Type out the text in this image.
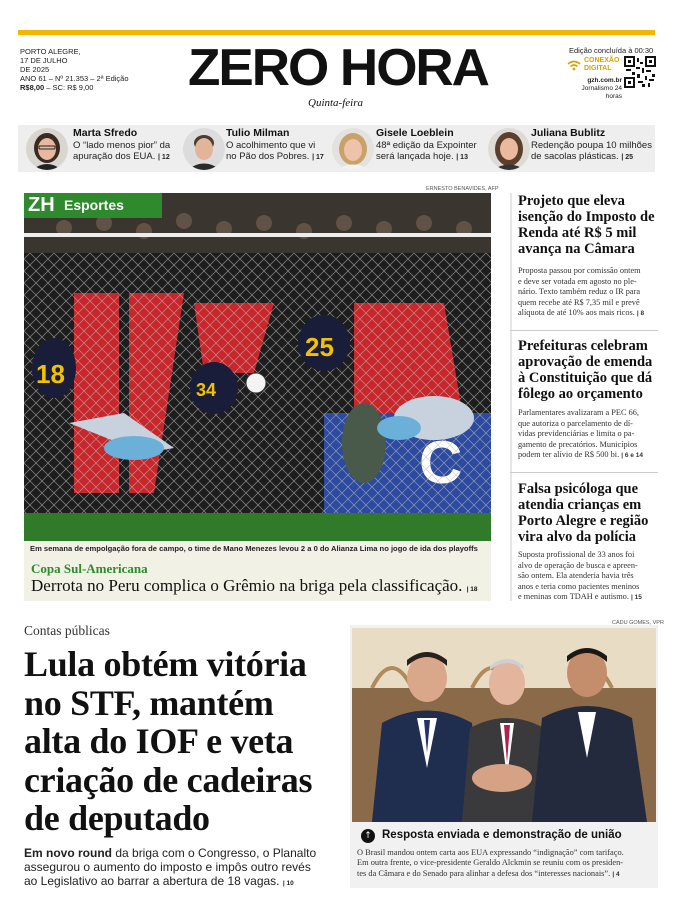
PORTO ALEGRE,
17 DE JULHO
DE 2025
ANO 61 – Nº 21.353 – 2ª Edição
R$8,00 – SC: R$ 9,00	ZERO HORA
Quinta-feira
Edição concluída à 00:30
CONEXÃO
DIGITAL
gzh.com.br
Jornalismo 24 horas
Marta Sfredo
O “lado menos pior” da
apuração dos EUA. | 12
Tulio Milman
O acolhimento que vi
no Pão dos Pobres. | 17
Gisele Loeblein
48ª edição da Expointer
será lançada hoje. | 13
Juliana Bublitz
Redenção poupa 10 milhões
de sacolas plásticas. | 25
ERNESTO BENAVIDES, AFP
18
34
25
ZH Esportes
Em semana de empolgação fora de campo, o time de Mano Menezes levou 2 a 0 do Alianza Lima no jogo de ida dos playoffs
Copa Sul-Americana
Derrota no Peru complica o Grêmio na briga pela classificação. | 18
Projeto que eleva isenção do Imposto de Renda até R$ 5 mil avança na Câmara
Proposta passou por comissão ontem
e deve ser votada em agosto no ple-
nário. Texto também reduz o IR para
quem recebe até R$ 7,35 mil e prevê
alíquota de até 10% aos mais ricos. | 8
Prefeituras celebram aprovação de emenda à Constituição que dá fôlego ao orçamento
Parlamentares avalizaram a PEC 66,
que autoriza o parcelamento de dí-
vidas previdenciárias e limita o pa-
gamento de precatórios. Municípios
podem ter alívio de R$ 500 bi. | 6 e 14
Falsa psicóloga que atendia crianças em Porto Alegre e região vira alvo da polícia
Suposta profissional de 33 anos foi
alvo de operação de busca e apreen-
são ontem. Ela atenderia havia três
anos e teria como pacientes meninos
e meninas com TDAH e autismo. | 15
Contas públicas
Lula obtém vitória
no STF, mantém
alta do IOF e veta
criação de cadeiras
de deputado
Em novo round da briga com o Congresso, o Planalto
assegurou o aumento do imposto e impôs outro revés
ao Legislativo ao barrar a abertura de 18 vagas. | 10
CADU GOMES, VPR
↑ Resposta enviada e demonstração de união
O Brasil mandou ontem carta aos EUA expressando “indignação” com tarifaço.
Em outra frente, o vice-presidente Geraldo Alckmin se reuniu com os presiden-
tes da Câmara e do Senado para alinhar a defesa dos “interesses nacionais”. | 4
